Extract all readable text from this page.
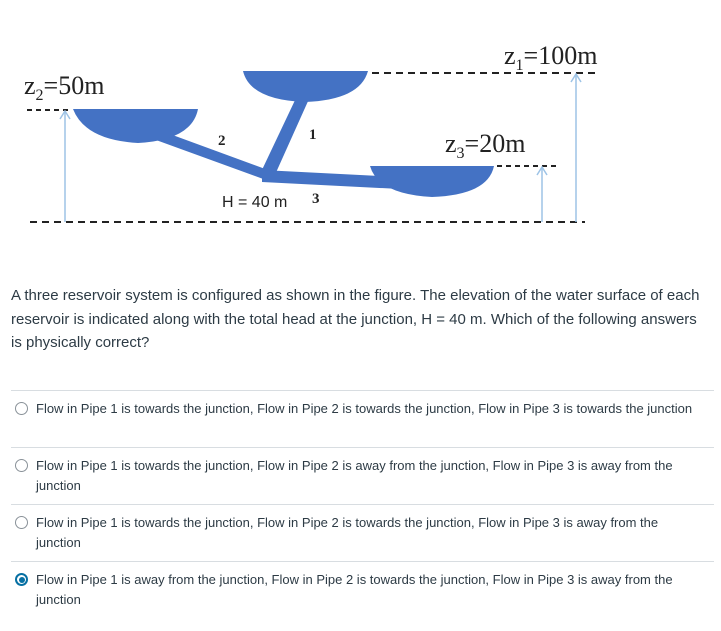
$z_2=50m$
$z_1=100m$
$z_3=20m$
1
2
3
H = 40 m

A three reservoir system is configured as shown in the figure. The elevation of the water surface of each reservoir is indicated along with the total head at the junction, H = 40 m. Which of the following answers is physically correct?

Flow in Pipe 1 is towards the junction, Flow in Pipe 2 is towards the junction, Flow in Pipe 3 is towards the junction
Flow in Pipe 1 is towards the junction, Flow in Pipe 2 is away from the junction, Flow in Pipe 3 is away from the junction
Flow in Pipe 1 is towards the junction, Flow in Pipe 2 is towards the junction, Flow in Pipe 3 is away from the junction
Flow in Pipe 1 is away from the junction, Flow in Pipe 2 is towards the junction, Flow in Pipe 3 is away from the junction
